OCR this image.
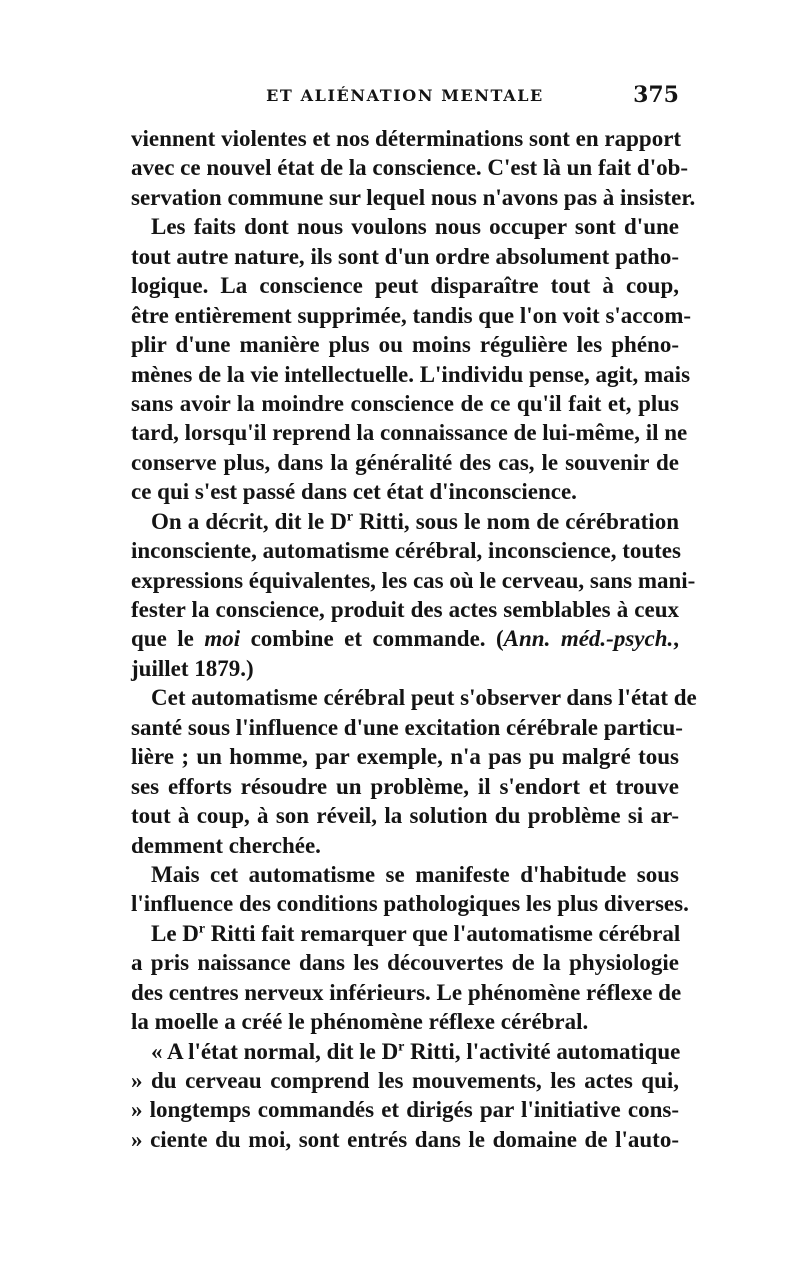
ET ALIÉNATION MENTALE	375
viennent violentes et nos déterminations sont en rapport
avec ce nouvel état de la conscience. C'est là un fait d'ob-
servation commune sur lequel nous n'avons pas à insister.
Les faits dont nous voulons nous occuper sont d'une
tout autre nature, ils sont d'un ordre absolument patho-
logique. La conscience peut disparaître tout à coup,
être entièrement supprimée, tandis que l'on voit s'accom-
plir d'une manière plus ou moins régulière les phéno-
mènes de la vie intellectuelle. L'individu pense, agit, mais
sans avoir la moindre conscience de ce qu'il fait et, plus
tard, lorsqu'il reprend la connaissance de lui-même, il ne
conserve plus, dans la généralité des cas, le souvenir de
ce qui s'est passé dans cet état d'inconscience.
On a décrit, dit le $D^r$ Ritti, sous le nom de cérébration
inconsciente, automatisme cérébral, inconscience, toutes
expressions équivalentes, les cas où le cerveau, sans mani-
fester la conscience, produit des actes semblables à ceux
que le moi combine et commande. (Ann. méd.-psych.,
juillet 1879.)
Cet automatisme cérébral peut s'observer dans l'état de
santé sous l'influence d'une excitation cérébrale particu-
lière ; un homme, par exemple, n'a pas pu malgré tous
ses efforts résoudre un problème, il s'endort et trouve
tout à coup, à son réveil, la solution du problème si ar-
demment cherchée.
Mais cet automatisme se manifeste d'habitude sous
l'influence des conditions pathologiques les plus diverses.
Le $D^r$ Ritti fait remarquer que l'automatisme cérébral
a pris naissance dans les découvertes de la physiologie
des centres nerveux inférieurs. Le phénomène réflexe de
la moelle a créé le phénomène réflexe cérébral.
« A l'état normal, dit le $D^r$ Ritti, l'activité automatique
» du cerveau comprend les mouvements, les actes qui,
» longtemps commandés et dirigés par l'initiative cons-
» ciente du moi, sont entrés dans le domaine de l'auto-
